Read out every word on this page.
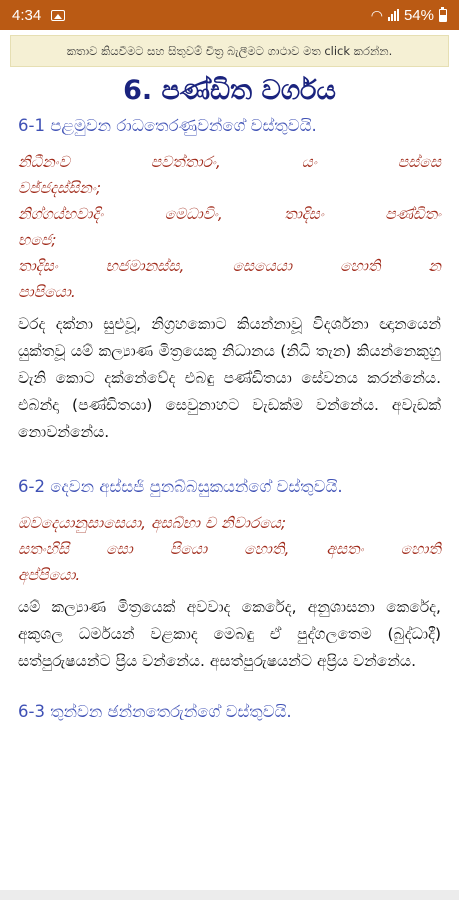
4:34	◠ 54%
කතාව කියවීමට සහ සිතුවම් චිත්‍ර බැලීමට ගාථාව මත click කරන්න.
6. පණ්ඩිත වර්ගය
6-1 පළමුවන රාධතෙරණුවන්ගේ වස්තුවයි.
නිධීනංව පවත්තාරං, යං පස්සෙ
වජ්ජදස්සිනං;
නිග්ගය්හවාදිං මෙධාවිං, තාදිසං පණ්ඩිතං
භජෙ;
තාදිසං භජමානස්ස, සෙයෙයා හොති න
පාපියො.
වරද දක්නා සුළුවූ, නිග්‍රහකොට කියන්නාවූ විදර්ශනා ඥානයෙන් යුක්තවූ යම් කල්‍යාණ මිත්‍රයෙකු නිධානය (නිධි තැන) කියන්නෙකුහු වැනි කොට දක්නේවේද එබඳු පණ්ඩිතයා සේවනය කරන්නේය. එබන්දා (පණ්ඩිතයා) සෙවුනාහට වැඩක්ම වන්නේය. අවැඩක් නොවන්නේය.
6-2 දෙවන අස්සජි පුනබ්බසුකයන්ගේ වස්තුවයි.
ඔවදෙයානුසාසෙයා, අසබ්භා ච නිවාරයෙ;
සතංහිසි සො පියො හොති, අසතං හොති
අප්පියො.
යම් කල්‍යාණ මිත්‍රයෙක් අවවාද කෙරේද, අනුශාසනා කෙරේද, අකුශල ධර්මයන් වළකාද මෙබඳු ඒ පුද්ගලතෙම (බුද්ධාදී) සත්පුරුෂයන්ට ප්‍රිය වන්නේය. අසත්පුරුෂයන්ට අප්‍රිය වන්නේය.
6-3 තුන්වන ඡන්නතෙරුන්ගේ වස්තුවයි.
